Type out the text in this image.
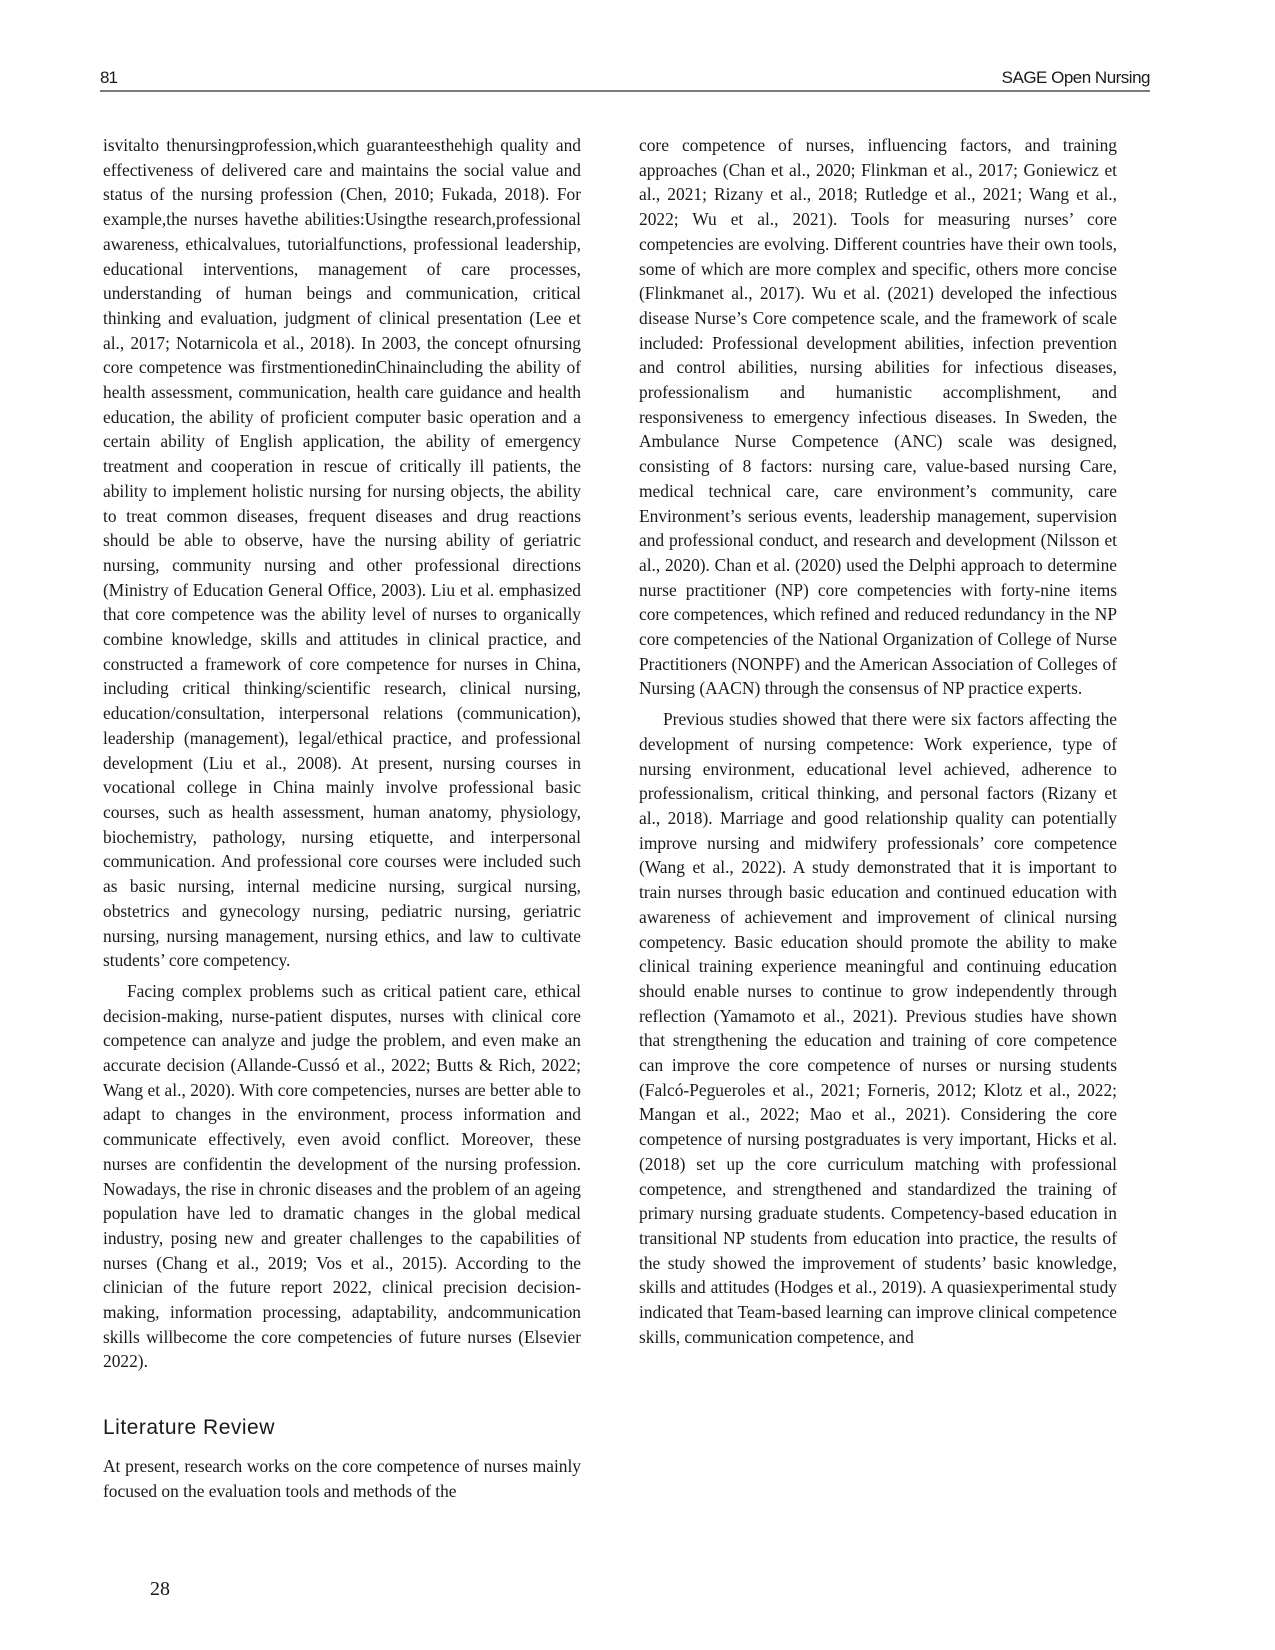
81	SAGE Open Nursing

isvitalto thenursingprofession,which guaranteesthehigh quality and effectiveness of delivered care and maintains the social value and status of the nursing profession (Chen, 2010; Fukada, 2018). For example,the nurses havethe abilities:Usingthe research,professional awareness, ethicalvalues, tutorialfunctions, professional leadership, educational interventions, management of care processes, understanding of human beings and communication, critical thinking and evaluation, judgment of clinical presentation (Lee et al., 2017; Notarnicola et al., 2018). In 2003, the concept ofnursing core competence was firstmentionedinChinaincluding the ability of health assessment, communication, health care guidance and health education, the ability of proficient computer basic operation and a certain ability of English application, the ability of emergency treatment and cooperation in rescue of critically ill patients, the ability to implement holistic nursing for nursing objects, the ability to treat common diseases, frequent diseases and drug reactions should be able to observe, have the nursing ability of geriatric nursing, community nursing and other professional directions (Ministry of Education General Office, 2003). Liu et al. emphasized that core competence was the ability level of nurses to organically combine knowledge, skills and attitudes in clinical practice, and constructed a framework of core competence for nurses in China, including critical thinking/scientific research, clinical nursing, education/consultation, interpersonal relations (communication), leadership (management), legal/ethical practice, and professional development (Liu et al., 2008). At present, nursing courses in vocational college in China mainly involve professional basic courses, such as health assessment, human anatomy, physiology, biochemistry, pathology, nursing etiquette, and interpersonal communication. And professional core courses were included such as basic nursing, internal medicine nursing, surgical nursing, obstetrics and gynecology nursing, pediatric nursing, geriatric nursing, nursing management, nursing ethics, and law to cultivate students’ core competency.

Facing complex problems such as critical patient care, ethical decision-making, nurse-patient disputes, nurses with clinical core competence can analyze and judge the problem, and even make an accurate decision (Allande-Cussó et al., 2022; Butts & Rich, 2022; Wang et al., 2020). With core competencies, nurses are better able to adapt to changes in the environment, process information and communicate effectively, even avoid conflict. Moreover, these nurses are confidentin the development of the nursing profession. Nowadays, the rise in chronic diseases and the problem of an ageing population have led to dramatic changes in the global medical industry, posing new and greater challenges to the capabilities of nurses (Chang et al., 2019; Vos et al., 2015). According to the clinician of the future report 2022, clinical precision decision-making, information processing, adaptability, andcommunication skills willbecome the core competencies of future nurses (Elsevier 2022).

Literature Review

At present, research works on the core competence of nurses mainly focused on the evaluation tools and methods of the

core competence of nurses, influencing factors, and training approaches (Chan et al., 2020; Flinkman et al., 2017; Goniewicz et al., 2021; Rizany et al., 2018; Rutledge et al., 2021; Wang et al., 2022; Wu et al., 2021). Tools for measuring nurses’ core competencies are evolving. Different countries have their own tools, some of which are more complex and specific, others more concise (Flinkmanet al., 2017). Wu et al. (2021) developed the infectious disease Nurse’s Core competence scale, and the framework of scale included: Professional development abilities, infection prevention and control abilities, nursing abilities for infectious diseases, professionalism and humanistic accomplishment, and responsiveness to emergency infectious diseases. In Sweden, the Ambulance Nurse Competence (ANC) scale was designed, consisting of 8 factors: nursing care, value-based nursing Care, medical technical care, care environment’s community, care Environment’s serious events, leadership management, supervision and professional conduct, and research and development (Nilsson et al., 2020). Chan et al. (2020) used the Delphi approach to determine nurse practitioner (NP) core competencies with forty-nine items core competences, which refined and reduced redundancy in the NP core competencies of the National Organization of College of Nurse Practitioners (NONPF) and the American Association of Colleges of Nursing (AACN) through the consensus of NP practice experts.

Previous studies showed that there were six factors affecting the development of nursing competence: Work experience, type of nursing environment, educational level achieved, adherence to professionalism, critical thinking, and personal factors (Rizany et al., 2018). Marriage and good relationship quality can potentially improve nursing and midwifery professionals’ core competence (Wang et al., 2022). A study demonstrated that it is important to train nurses through basic education and continued education with awareness of achievement and improvement of clinical nursing competency. Basic education should promote the ability to make clinical training experience meaningful and continuing education should enable nurses to continue to grow independently through reflection (Yamamoto et al., 2021). Previous studies have shown that strengthening the education and training of core competence can improve the core competence of nurses or nursing students (Falcó-Pegueroles et al., 2021; Forneris, 2012; Klotz et al., 2022; Mangan et al., 2022; Mao et al., 2021). Considering the core competence of nursing postgraduates is very important, Hicks et al. (2018) set up the core curriculum matching with professional competence, and strengthened and standardized the training of primary nursing graduate students. Competency-based education in transitional NP students from education into practice, the results of the study showed the improvement of students’ basic knowledge, skills and attitudes (Hodges et al., 2019). A quasiexperimental study indicated that Team-based learning can improve clinical competence skills, communication competence, and

28
